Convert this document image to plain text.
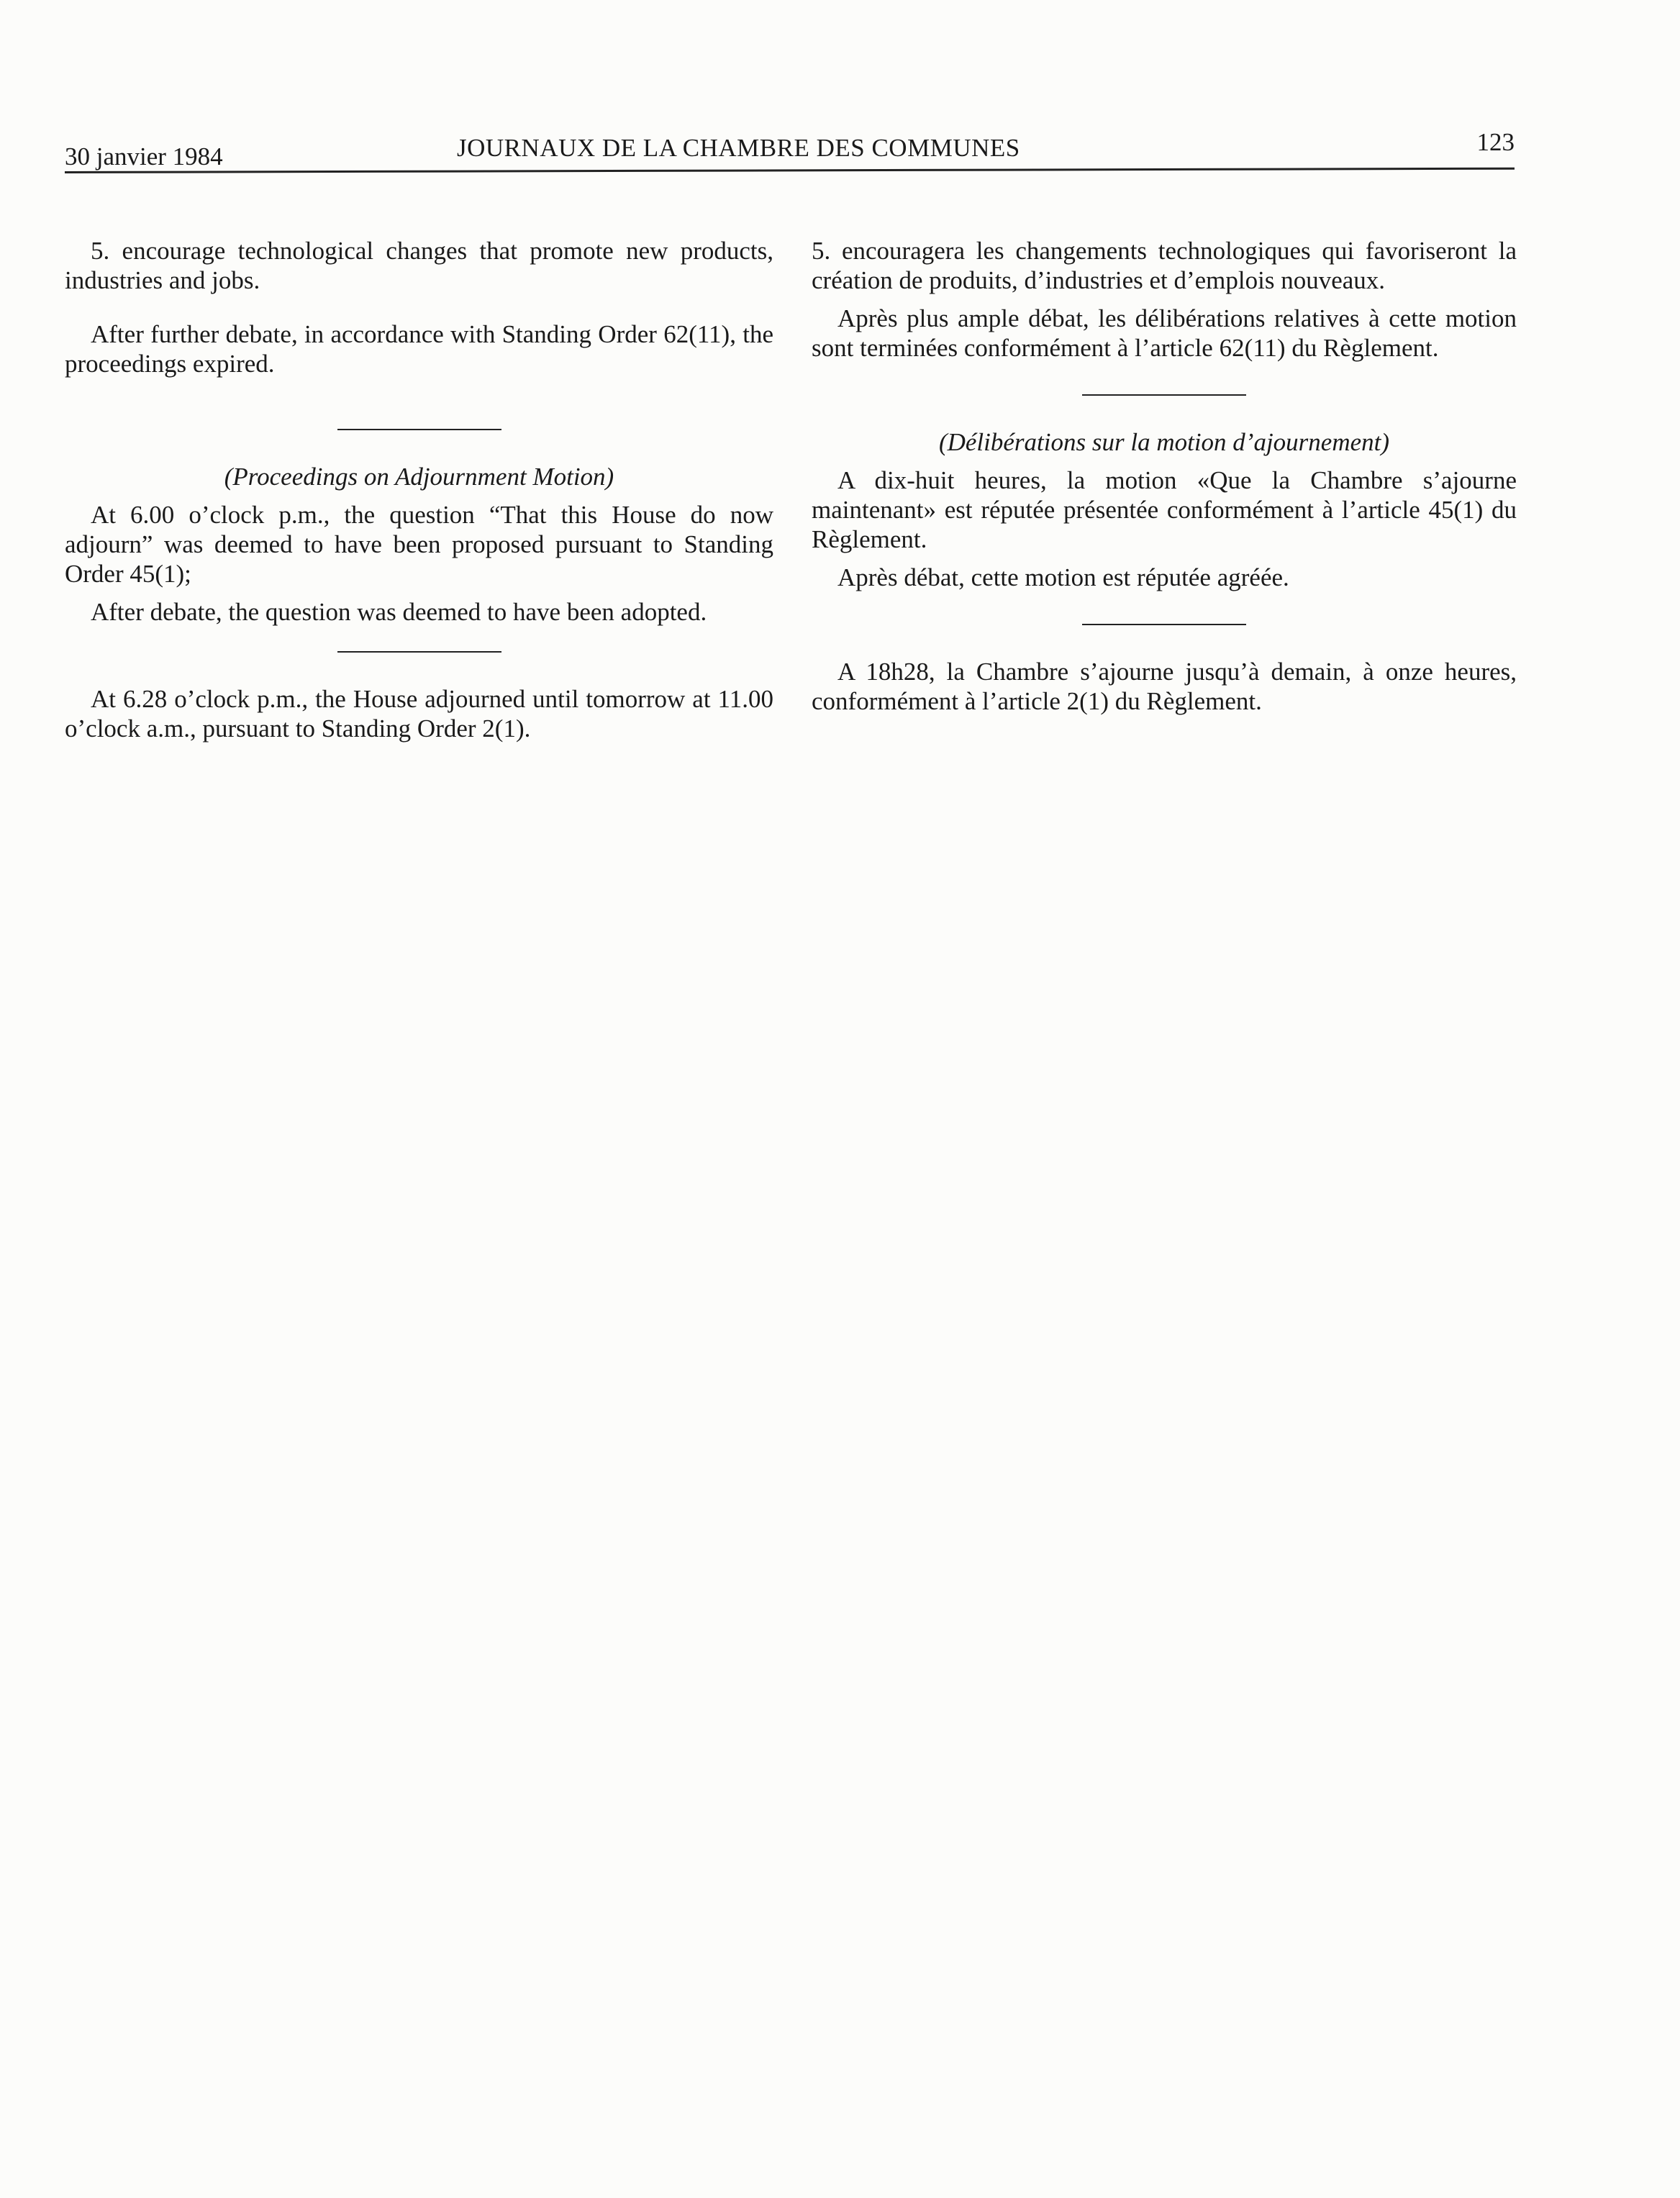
30 janvier 1984	JOURNAUX DE LA CHAMBRE DES COMMUNES	123

5. encourage technological changes that promote new products, industries and jobs.

After further debate, in accordance with Standing Order 62(11), the proceedings expired.

(Proceedings on Adjournment Motion)

At 6.00 o’clock p.m., the question “That this House do now adjourn” was deemed to have been proposed pursuant to Standing Order 45(1);

After debate, the question was deemed to have been adopted.

At 6.28 o’clock p.m., the House adjourned until tomorrow at 11.00 o’clock a.m., pursuant to Standing Order 2(1).

5. encouragera les changements technologiques qui favoriseront la création de produits, d’industries et d’emplois nouveaux.

Après plus ample débat, les délibérations relatives à cette motion sont terminées conformément à l’article 62(11) du Règlement.

(Délibérations sur la motion d’ajournement)

A dix-huit heures, la motion «Que la Chambre s’ajourne maintenant» est réputée présentée conformément à l’article 45(1) du Règlement.

Après débat, cette motion est réputée agréée.

A 18h28, la Chambre s’ajourne jusqu’à demain, à onze heures, conformément à l’article 2(1) du Règlement.
